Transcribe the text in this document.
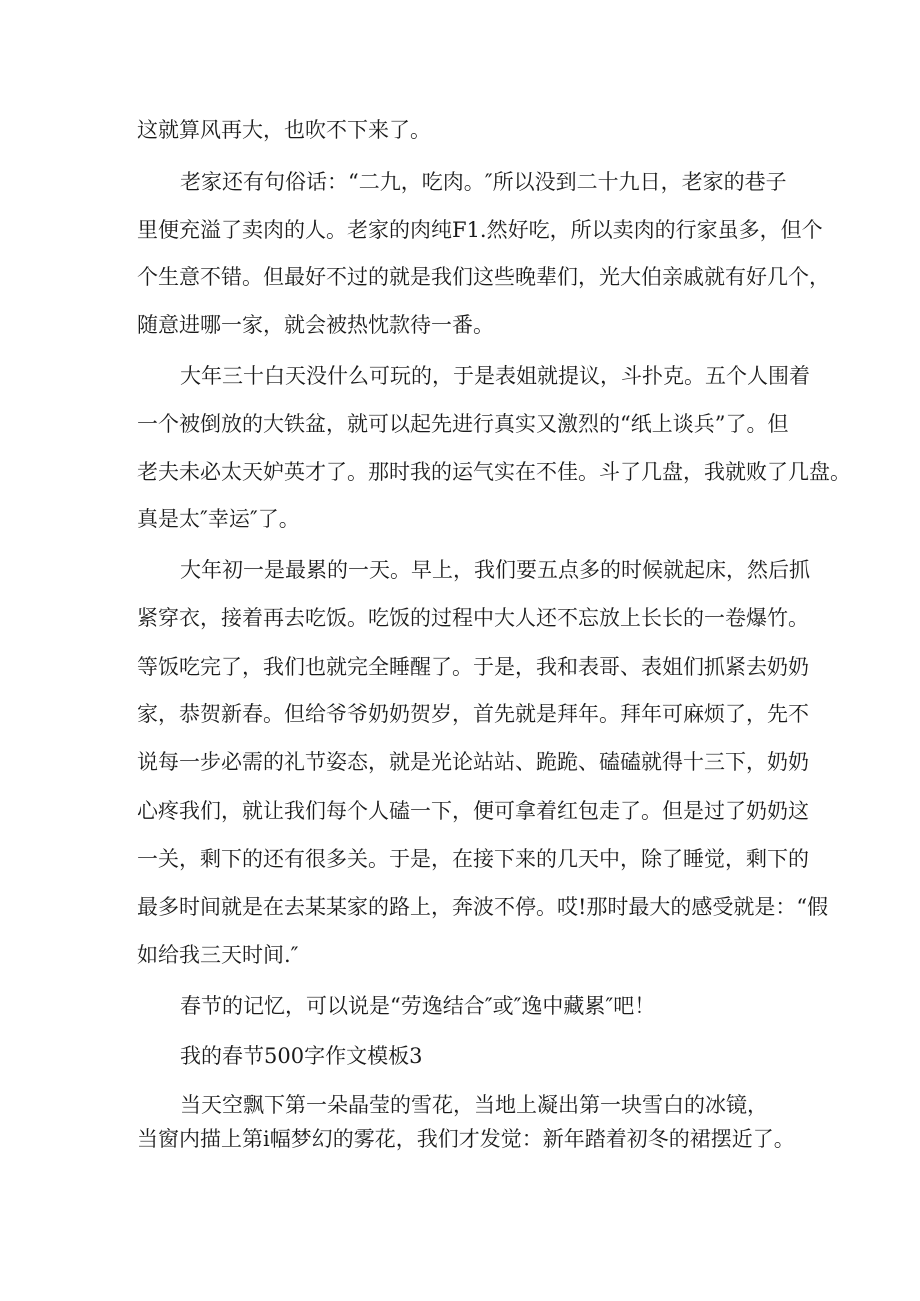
这就算风再大，也吹不下来了。
老家还有句俗话：“二九，吃肉。″所以没到二十九日，老家的巷子
里便充溢了卖肉的人。老家的肉纯F1.然好吃，所以卖肉的行家虽多，但个
个生意不错。但最好不过的就是我们这些晚辈们，光大伯亲戚就有好几个，
随意进哪一家，就会被热忱款待一番。
大年三十白天没什么可玩的，于是表姐就提议，斗扑克。五个人围着
一个被倒放的大铁盆，就可以起先进行真实又激烈的“纸上谈兵”了。但
老夫未必太天妒英才了。那时我的运气实在不佳。斗了几盘，我就败了几盘。
真是太″幸运″了。
大年初一是最累的一天。早上，我们要五点多的时候就起床，然后抓
紧穿衣，接着再去吃饭。吃饭的过程中大人还不忘放上长长的一卷爆竹。
等饭吃完了，我们也就完全睡醒了。于是，我和表哥、表姐们抓紧去奶奶
家，恭贺新春。但给爷爷奶奶贺岁，首先就是拜年。拜年可麻烦了，先不
说每一步必需的礼节姿态，就是光论站站、跪跪、磕磕就得十三下，奶奶
心疼我们，就让我们每个人磕一下，便可拿着红包走了。但是过了奶奶这
一关，剩下的还有很多关。于是，在接下来的几天中，除了睡觉，剩下的
最多时间就是在去某某家的路上，奔波不停。哎!那时最大的感受就是：“假
如给我三天时间.″
春节的记忆，可以说是“劳逸结合″或″逸中藏累″吧！
我的春节500字作文模板3
当天空飘下第一朵晶莹的雪花，当地上凝出第一块雪白的冰镜，
当窗内描上第i幅梦幻的雾花，我们才发觉：新年踏着初冬的裙摆近了。
